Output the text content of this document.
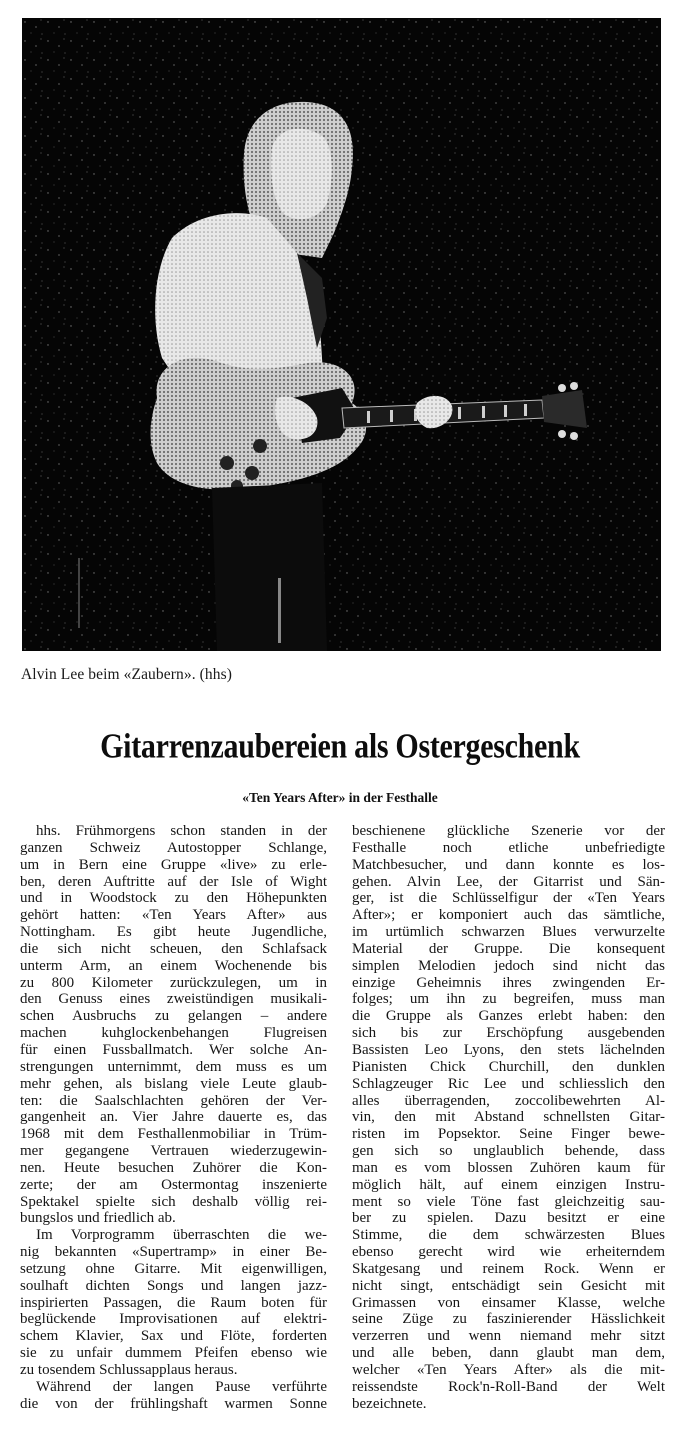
Alvin Lee beim «Zaubern». (hhs)
Gitarrenzaubereien als Ostergeschenk
«Ten Years After» in der Festhalle
hhs. Frühmorgens schon standen in der
ganzen Schweiz Autostopper Schlange,
um in Bern eine Gruppe «live» zu erle-
ben, deren Auftritte auf der Isle of Wight
und in Woodstock zu den Höhepunkten
gehört hatten: «Ten Years After» aus
Nottingham. Es gibt heute Jugendliche,
die sich nicht scheuen, den Schlafsack
unterm Arm, an einem Wochenende bis
zu 800 Kilometer zurückzulegen, um in
den Genuss eines zweistündigen musikali-
schen Ausbruchs zu gelangen – andere
machen kuhglockenbehangen Flugreisen
für einen Fussballmatch. Wer solche An-
strengungen unternimmt, dem muss es um
mehr gehen, als bislang viele Leute glaub-
ten: die Saalschlachten gehören der Ver-
gangenheit an. Vier Jahre dauerte es, das
1968 mit dem Festhallenmobiliar in Trüm-
mer gegangene Vertrauen wiederzugewin-
nen. Heute besuchen Zuhörer die Kon-
zerte; der am Ostermontag inszenierte
Spektakel spielte sich deshalb völlig rei-
bungslos und friedlich ab.
Im Vorprogramm überraschten die we-
nig bekannten «Supertramp» in einer Be-
setzung ohne Gitarre. Mit eigenwilligen,
soulhaft dichten Songs und langen jazz-
inspirierten Passagen, die Raum boten für
beglückende Improvisationen auf elektri-
schem Klavier, Sax und Flöte, forderten
sie zu unfair dummem Pfeifen ebenso wie
zu tosendem Schlussapplaus heraus.
Während der langen Pause verführte
die von der frühlingshaft warmen Sonne
beschienene glückliche Szenerie vor der
Festhalle noch etliche unbefriedigte
Matchbesucher, und dann konnte es los-
gehen. Alvin Lee, der Gitarrist und Sän-
ger, ist die Schlüsselfigur der «Ten Years
After»; er komponiert auch das sämtliche,
im urtümlich schwarzen Blues verwurzelte
Material der Gruppe. Die konsequent
simplen Melodien jedoch sind nicht das
einzige Geheimnis ihres zwingenden Er-
folges; um ihn zu begreifen, muss man
die Gruppe als Ganzes erlebt haben: den
sich bis zur Erschöpfung ausgebenden
Bassisten Leo Lyons, den stets lächelnden
Pianisten Chick Churchill, den dunklen
Schlagzeuger Ric Lee und schliesslich den
alles überragenden, zoccolibewehrten Al-
vin, den mit Abstand schnellsten Gitar-
risten im Popsektor. Seine Finger bewe-
gen sich so unglaublich behende, dass
man es vom blossen Zuhören kaum für
möglich hält, auf einem einzigen Instru-
ment so viele Töne fast gleichzeitig sau-
ber zu spielen. Dazu besitzt er eine
Stimme, die dem schwärzesten Blues
ebenso gerecht wird wie erheiterndem
Skatgesang und reinem Rock. Wenn er
nicht singt, entschädigt sein Gesicht mit
Grimassen von einsamer Klasse, welche
seine Züge zu faszinierender Hässlichkeit
verzerren und wenn niemand mehr sitzt
und alle beben, dann glaubt man dem,
welcher «Ten Years After» als die mit-
reissendste Rock'n-Roll-Band der Welt
bezeichnete.
